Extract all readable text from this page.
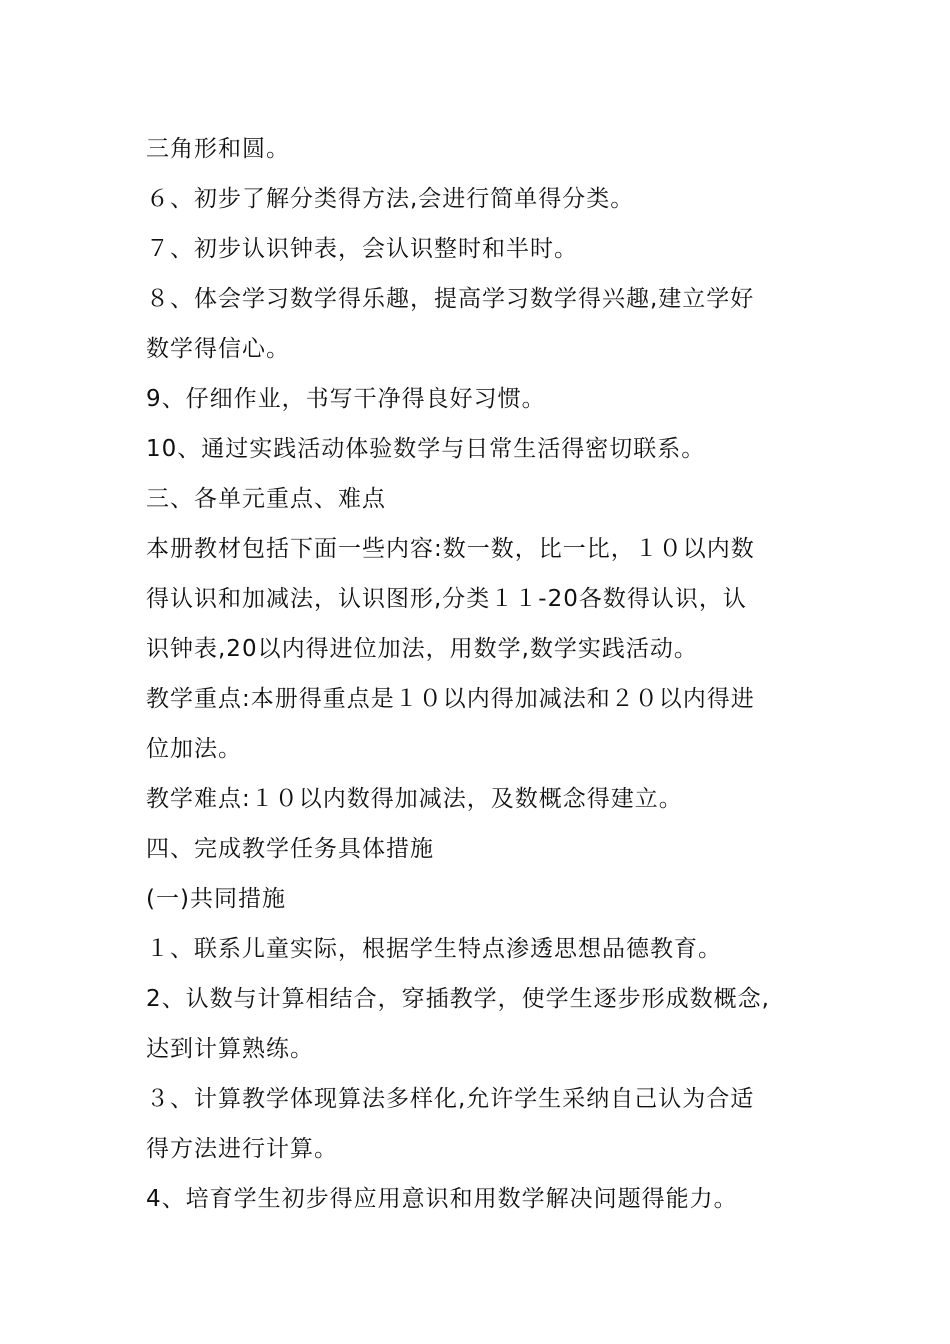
三角形和圆。
６、初步了解分类得方法,会进行简单得分类。
７、初步认识钟表，会认识整时和半时。
８、体会学习数学得乐趣，提高学习数学得兴趣,建立学好
数学得信心。
9、仔细作业，书写干净得良好习惯。
10、通过实践活动体验数学与日常生活得密切联系。
三、各单元重点、难点
本册教材包括下面一些内容:数一数，比一比，１０以内数
得认识和加减法，认识图形,分类１１-20各数得认识，认
识钟表,20以内得进位加法，用数学,数学实践活动。
教学重点:本册得重点是１０以内得加减法和２０以内得进
位加法。
教学难点:１０以内数得加减法，及数概念得建立。
四、完成教学任务具体措施
(一)共同措施
１、联系儿童实际，根据学生特点渗透思想品德教育。
2、认数与计算相结合，穿插教学，使学生逐步形成数概念,
达到计算熟练。
３、计算教学体现算法多样化,允许学生采纳自己认为合适
得方法进行计算。
4、培育学生初步得应用意识和用数学解决问题得能力。
